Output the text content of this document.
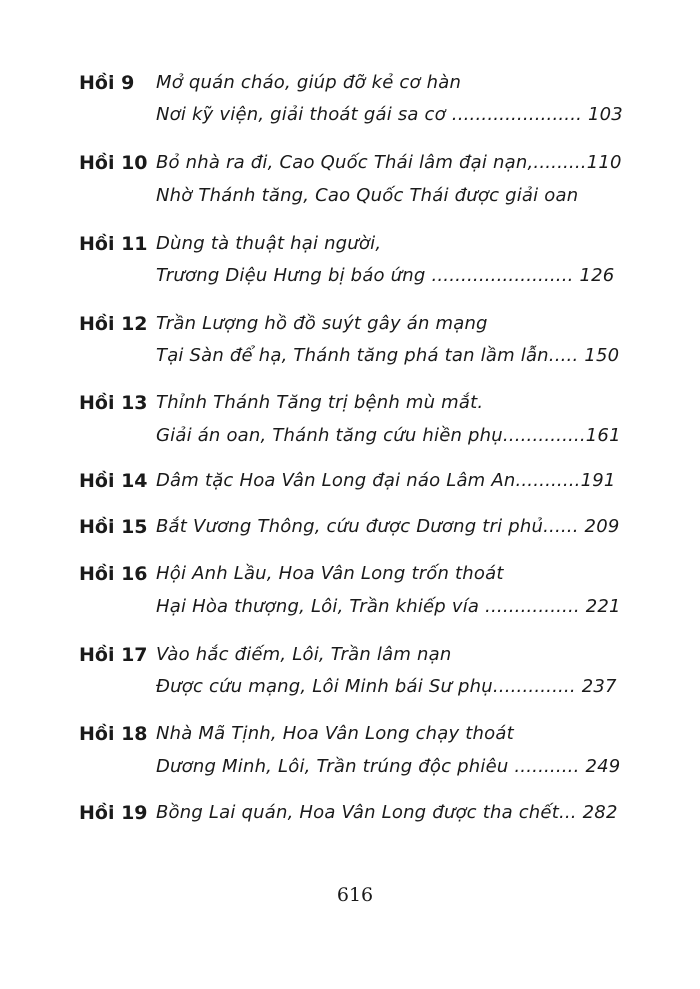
Hồi 9 Mở quán cháo, giúp đỡ kẻ cơ hàn
Nơi kỹ viện, giải thoát gái sa cơ ...................... 103
Hồi 10 Bỏ nhà ra đi, Cao Quốc Thái lâm đại nạn,.........110
Nhờ Thánh tăng, Cao Quốc Thái được giải oan
Hồi 11 Dùng tà thuật hại người,
Trương Diệu Hưng bị báo ứng ........................ 126
Hồi 12 Trần Lượng hồ đồ suýt gây án mạng
Tại Sàn để hạ, Thánh tăng phá tan lầm lẫn..... 150
Hồi 13 Thỉnh Thánh Tăng trị bệnh mù mắt.
Giải án oan, Thánh tăng cứu hiền phụ..............161
Hồi 14 Dâm tặc Hoa Vân Long đại náo Lâm An...........191
Hồi 15 Bắt Vương Thông, cứu được Dương tri phủ...... 209
Hồi 16 Hội Anh Lầu, Hoa Vân Long trốn thoát
Hại Hòa thượng, Lôi, Trần khiếp vía ................ 221
Hồi 17 Vào hắc điếm, Lôi, Trần lâm nạn
Được cứu mạng, Lôi Minh bái Sư phụ.............. 237
Hồi 18 Nhà Mã Tịnh, Hoa Vân Long chạy thoát
Dương Minh, Lôi, Trần trúng độc phiêu ........... 249
Hồi 19 Bồng Lai quán, Hoa Vân Long được tha chết... 282
616
